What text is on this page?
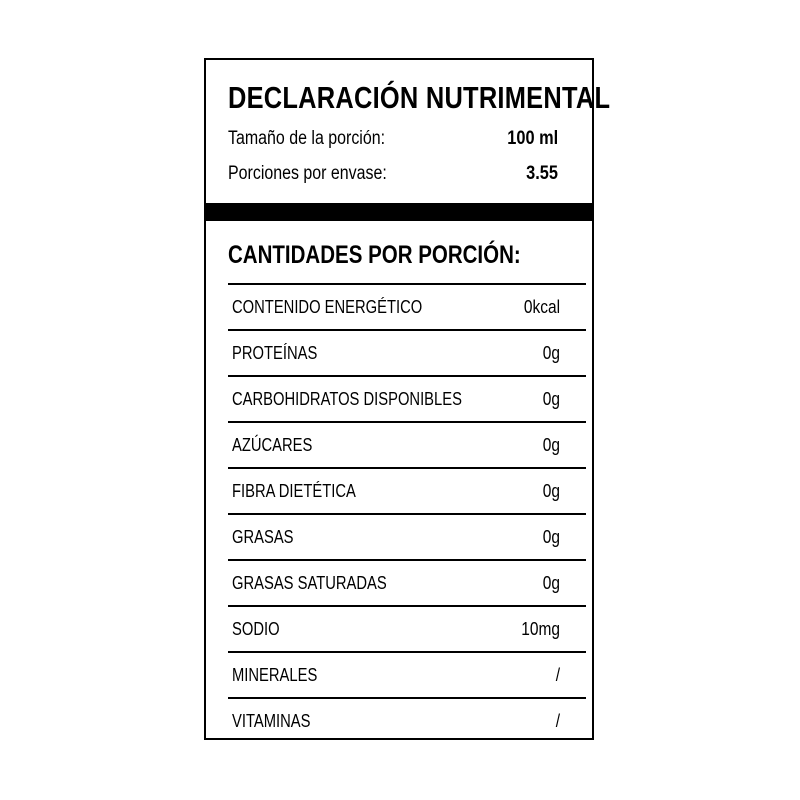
DECLARACIÓN NUTRIMENTAL
Tamaño de la porción:	100 ml
Porciones por envase:	3.55
CANTIDADES POR PORCIÓN:
CONTENIDO ENERGÉTICO	0kcal
PROTEÍNAS	0g
CARBOHIDRATOS DISPONIBLES	0g
AZÚCARES	0g
FIBRA DIETÉTICA	0g
GRASAS	0g
GRASAS SATURADAS	0g
SODIO	10mg
MINERALES	/
VITAMINAS	/
